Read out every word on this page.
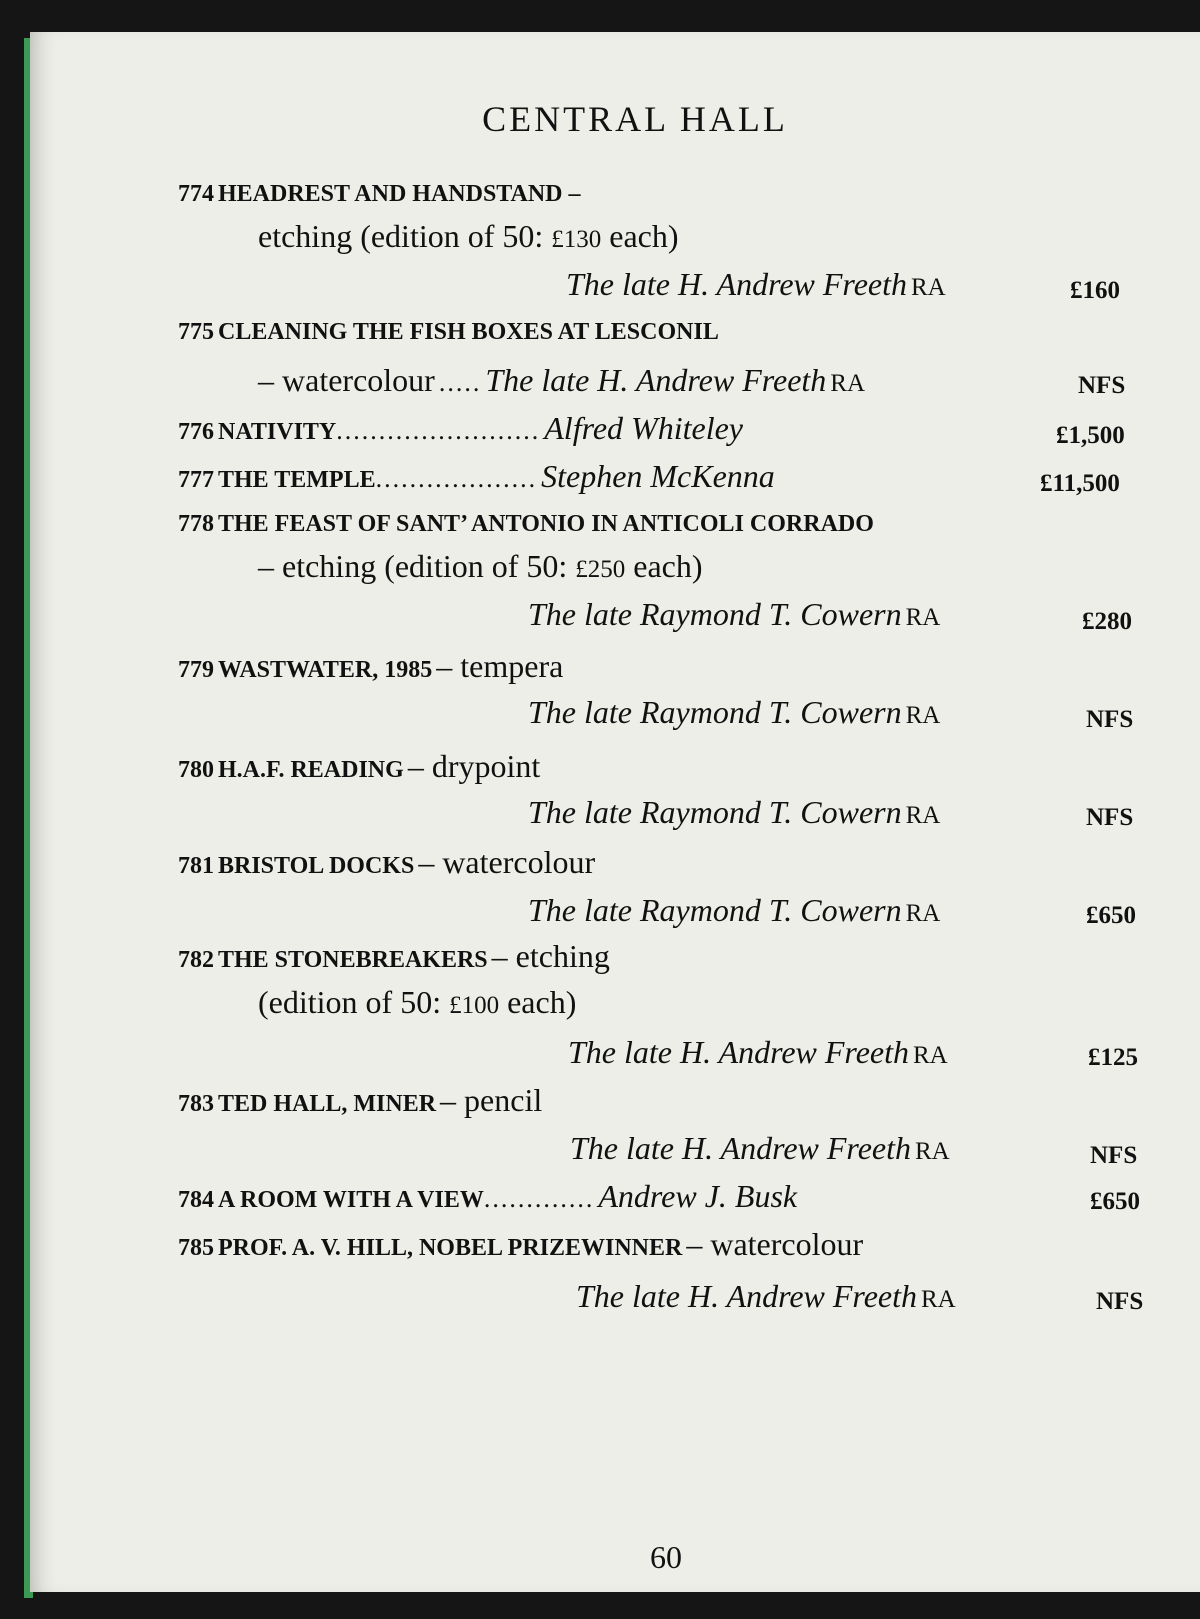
CENTRAL HALL
774 HEADREST AND HANDSTAND –
etching (edition of 50: £130 each)
The late H. Andrew Freeth RA	£160
775 CLEANING THE FISH BOXES AT LESCONIL
– watercolour ..... The late H. Andrew Freeth RA	NFS
776 NATIVITY........................ Alfred Whiteley	£1,500
777 THE TEMPLE................... Stephen McKenna	£11,500
778 THE FEAST OF SANT’ ANTONIO IN ANTICOLI CORRADO
– etching (edition of 50: £250 each)
The late Raymond T. Cowern RA	£280
779 WASTWATER, 1985 – tempera
The late Raymond T. Cowern RA	NFS
780 H.A.F. READING – drypoint
The late Raymond T. Cowern RA	NFS
781 BRISTOL DOCKS – watercolour
The late Raymond T. Cowern RA	£650
782 THE STONEBREAKERS – etching
(edition of 50: £100 each)
The late H. Andrew Freeth RA	£125
783 TED HALL, MINER – pencil
The late H. Andrew Freeth RA	NFS
784 A ROOM WITH A VIEW............. Andrew J. Busk	£650
785 PROF. A. V. HILL, NOBEL PRIZEWINNER – watercolour
The late H. Andrew Freeth RA	NFS
60
